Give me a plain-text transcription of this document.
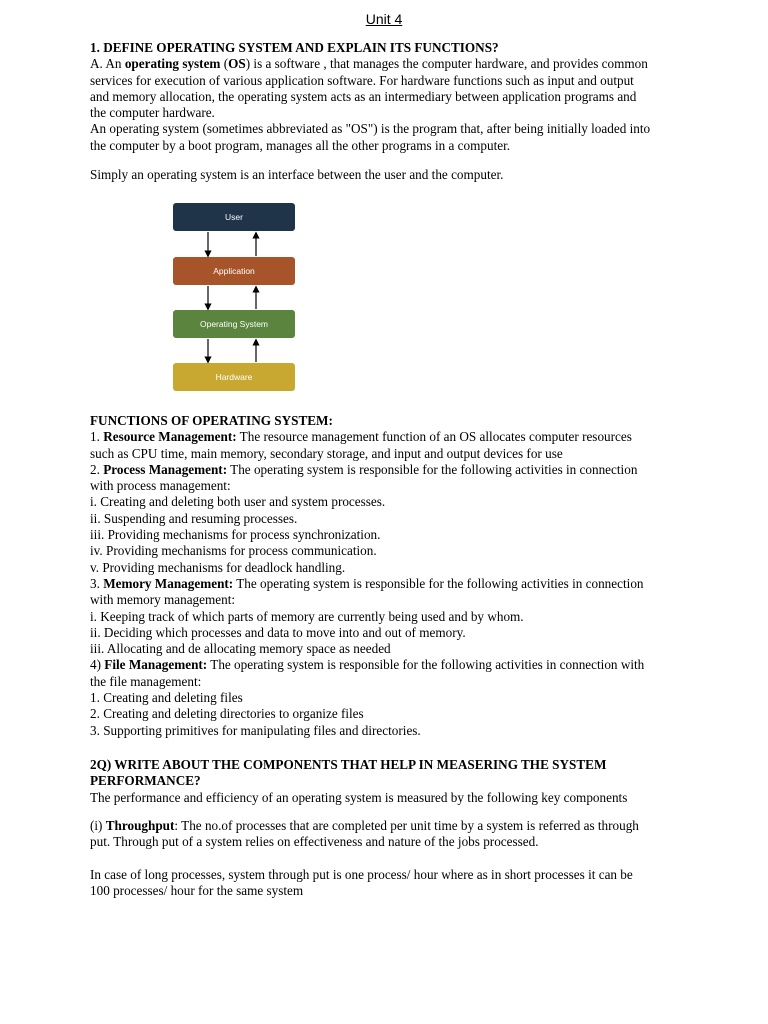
Unit 4
1. DEFINE OPERATING SYSTEM AND EXPLAIN ITS FUNCTIONS?
A. An operating system (OS) is a software , that manages the computer hardware, and provides common
services for execution of various application software. For hardware functions such as input and output
and memory allocation, the operating system acts as an intermediary between application programs and
the computer hardware.
An operating system (sometimes abbreviated as "OS") is the program that, after being initially loaded into
the computer by a boot program, manages all the other programs in a computer.
Simply an operating system is an interface between the user and the computer.
User
Application
Operating System
Hardware
FUNCTIONS OF OPERATING SYSTEM:
1. Resource Management: The resource management function of an OS allocates computer resources
such as CPU time, main memory, secondary storage, and input and output devices for use
2. Process Management: The operating system is responsible for the following activities in connection
with process management:
i. Creating and deleting both user and system processes.
ii. Suspending and resuming processes.
iii. Providing mechanisms for process synchronization.
iv. Providing mechanisms for process communication.
v. Providing mechanisms for deadlock handling.
3. Memory Management: The operating system is responsible for the following activities in connection
with memory management:
i. Keeping track of which parts of memory are currently being used and by whom.
ii. Deciding which processes and data to move into and out of memory.
iii. Allocating and de allocating memory space as needed
4) File Management: The operating system is responsible for the following activities in connection with
the file management:
1. Creating and deleting files
2. Creating and deleting directories to organize files
3. Supporting primitives for manipulating files and directories.
2Q) WRITE ABOUT THE COMPONENTS THAT HELP IN MEASERING THE SYSTEM
PERFORMANCE?
The performance and efficiency of an operating system is measured by the following key components
(i) Throughput: The no.of processes that are completed per unit time by a system is referred as through
put. Through put of a system relies on effectiveness and nature of the jobs processed.
In case of long processes, system through put is one process/ hour where as in short processes it can be
100 processes/ hour for the same system
